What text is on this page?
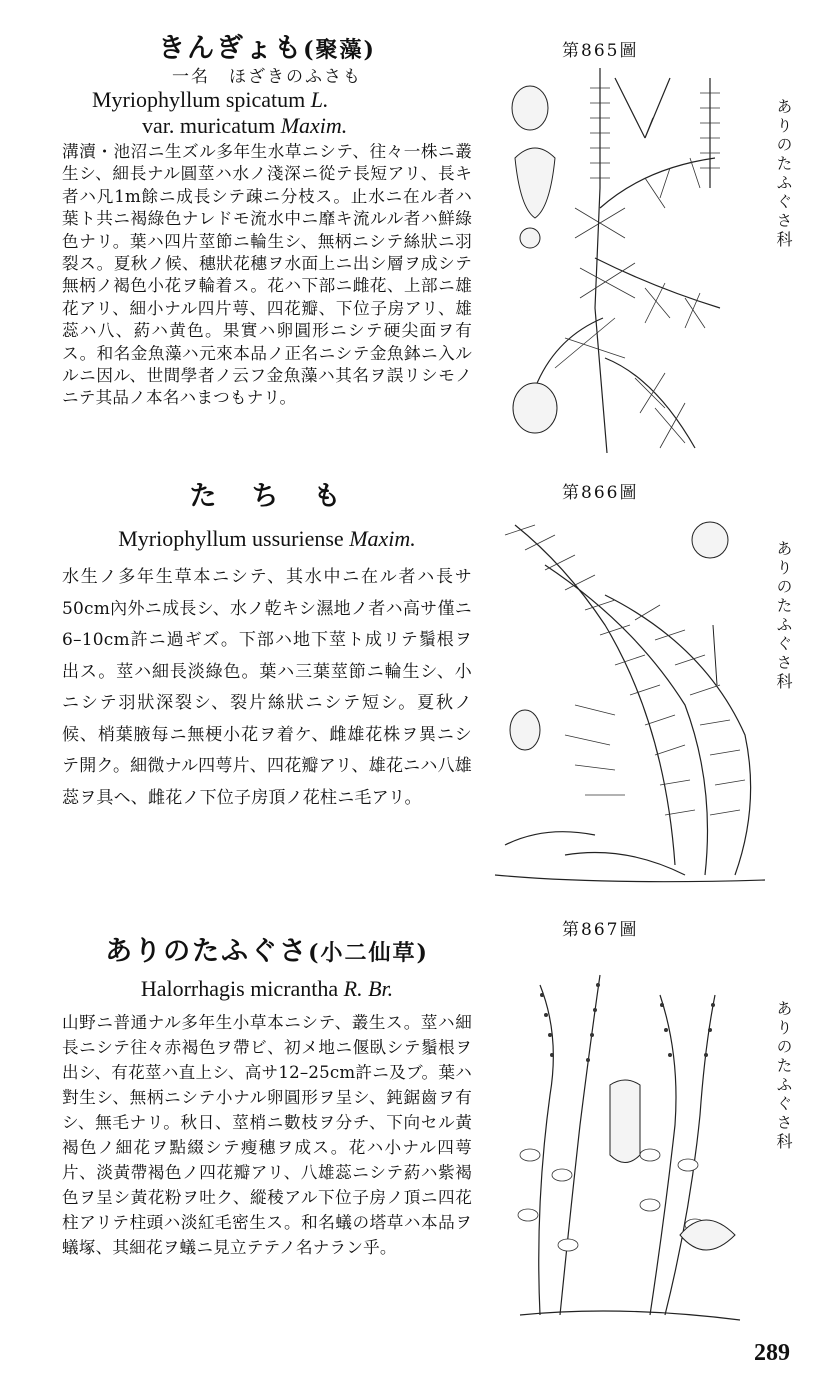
きんぎょも(聚藻)
一名　ほざきのふさも
Myriophyllum spicatum L.
var. muricatum Maxim.
溝瀆・池沼ニ生ズル多年生水草ニシテ、往々一株ニ叢生シ、細長ナル圓莖ハ水ノ淺深ニ從テ長短アリ、長キ者ハ凡1m餘ニ成長シテ疎ニ分枝ス。止水ニ在ル者ハ葉ト共ニ褐綠色ナレドモ流水中ニ靡キ流ルル者ハ鮮綠色ナリ。葉ハ四片莖節ニ輪生シ、無柄ニシテ絲狀ニ羽裂ス。夏秋ノ候、穗狀花穗ヲ水面上ニ出シ層ヲ成シテ無柄ノ褐色小花ヲ輪着ス。花ハ下部ニ雌花、上部ニ雄花アリ、細小ナル四片萼、四花瓣、下位子房アリ、雄蕊ハ八、葯ハ黄色。果實ハ卵圓形ニシテ硬尖面ヲ有ス。和名金魚藻ハ元來本品ノ正名ニシテ金魚鉢ニ入ルルニ因ル、世間學者ノ云フ金魚藻ハ其名ヲ誤リシモノニテ其品ノ本名ハまつもナリ。
た　ち　も
Myriophyllum ussuriense Maxim.
水生ノ多年生草本ニシテ、其水中ニ在ル者ハ長サ50cm內外ニ成長シ、水ノ乾キシ濕地ノ者ハ高サ僅ニ6–10cm許ニ過ギズ。下部ハ地下莖ト成リテ鬚根ヲ出ス。莖ハ細長淡綠色。葉ハ三葉莖節ニ輪生シ、小ニシテ羽狀深裂シ、裂片絲狀ニシテ短シ。夏秋ノ候、梢葉腋每ニ無梗小花ヲ着ケ、雌雄花株ヲ異ニシテ開ク。細微ナル四萼片、四花瓣アリ、雄花ニハ八雄蕊ヲ具ヘ、雌花ノ下位子房頂ノ花柱ニ毛アリ。
ありのたふぐさ(小二仙草)
Halorrhagis micrantha R. Br.
山野ニ普通ナル多年生小草本ニシテ、叢生ス。莖ハ細長ニシテ往々赤褐色ヲ帶ビ、初メ地ニ偃臥シテ鬚根ヲ出シ、有花莖ハ直上シ、高サ12–25cm許ニ及ブ。葉ハ對生シ、無柄ニシテ小ナル卵圓形ヲ呈シ、鈍鋸齒ヲ有シ、無毛ナリ。秋日、莖梢ニ數枝ヲ分チ、下向セル黃褐色ノ細花ヲ點綴シテ瘦穗ヲ成ス。花ハ小ナル四萼片、淡黃帶褐色ノ四花瓣アリ、八雄蕊ニシテ葯ハ紫褐色ヲ呈シ黃花粉ヲ吐ク、縱稜アル下位子房ノ頂ニ四花柱アリテ柱頭ハ淡紅毛密生ス。和名蟻の塔草ハ本品ヲ蟻塚、其細花ヲ蟻ニ見立テテノ名ナラン乎。
第865圖
ありのたふぐさ科
第866圖
ありのたふぐさ科
第867圖
ありのたふぐさ科
289
